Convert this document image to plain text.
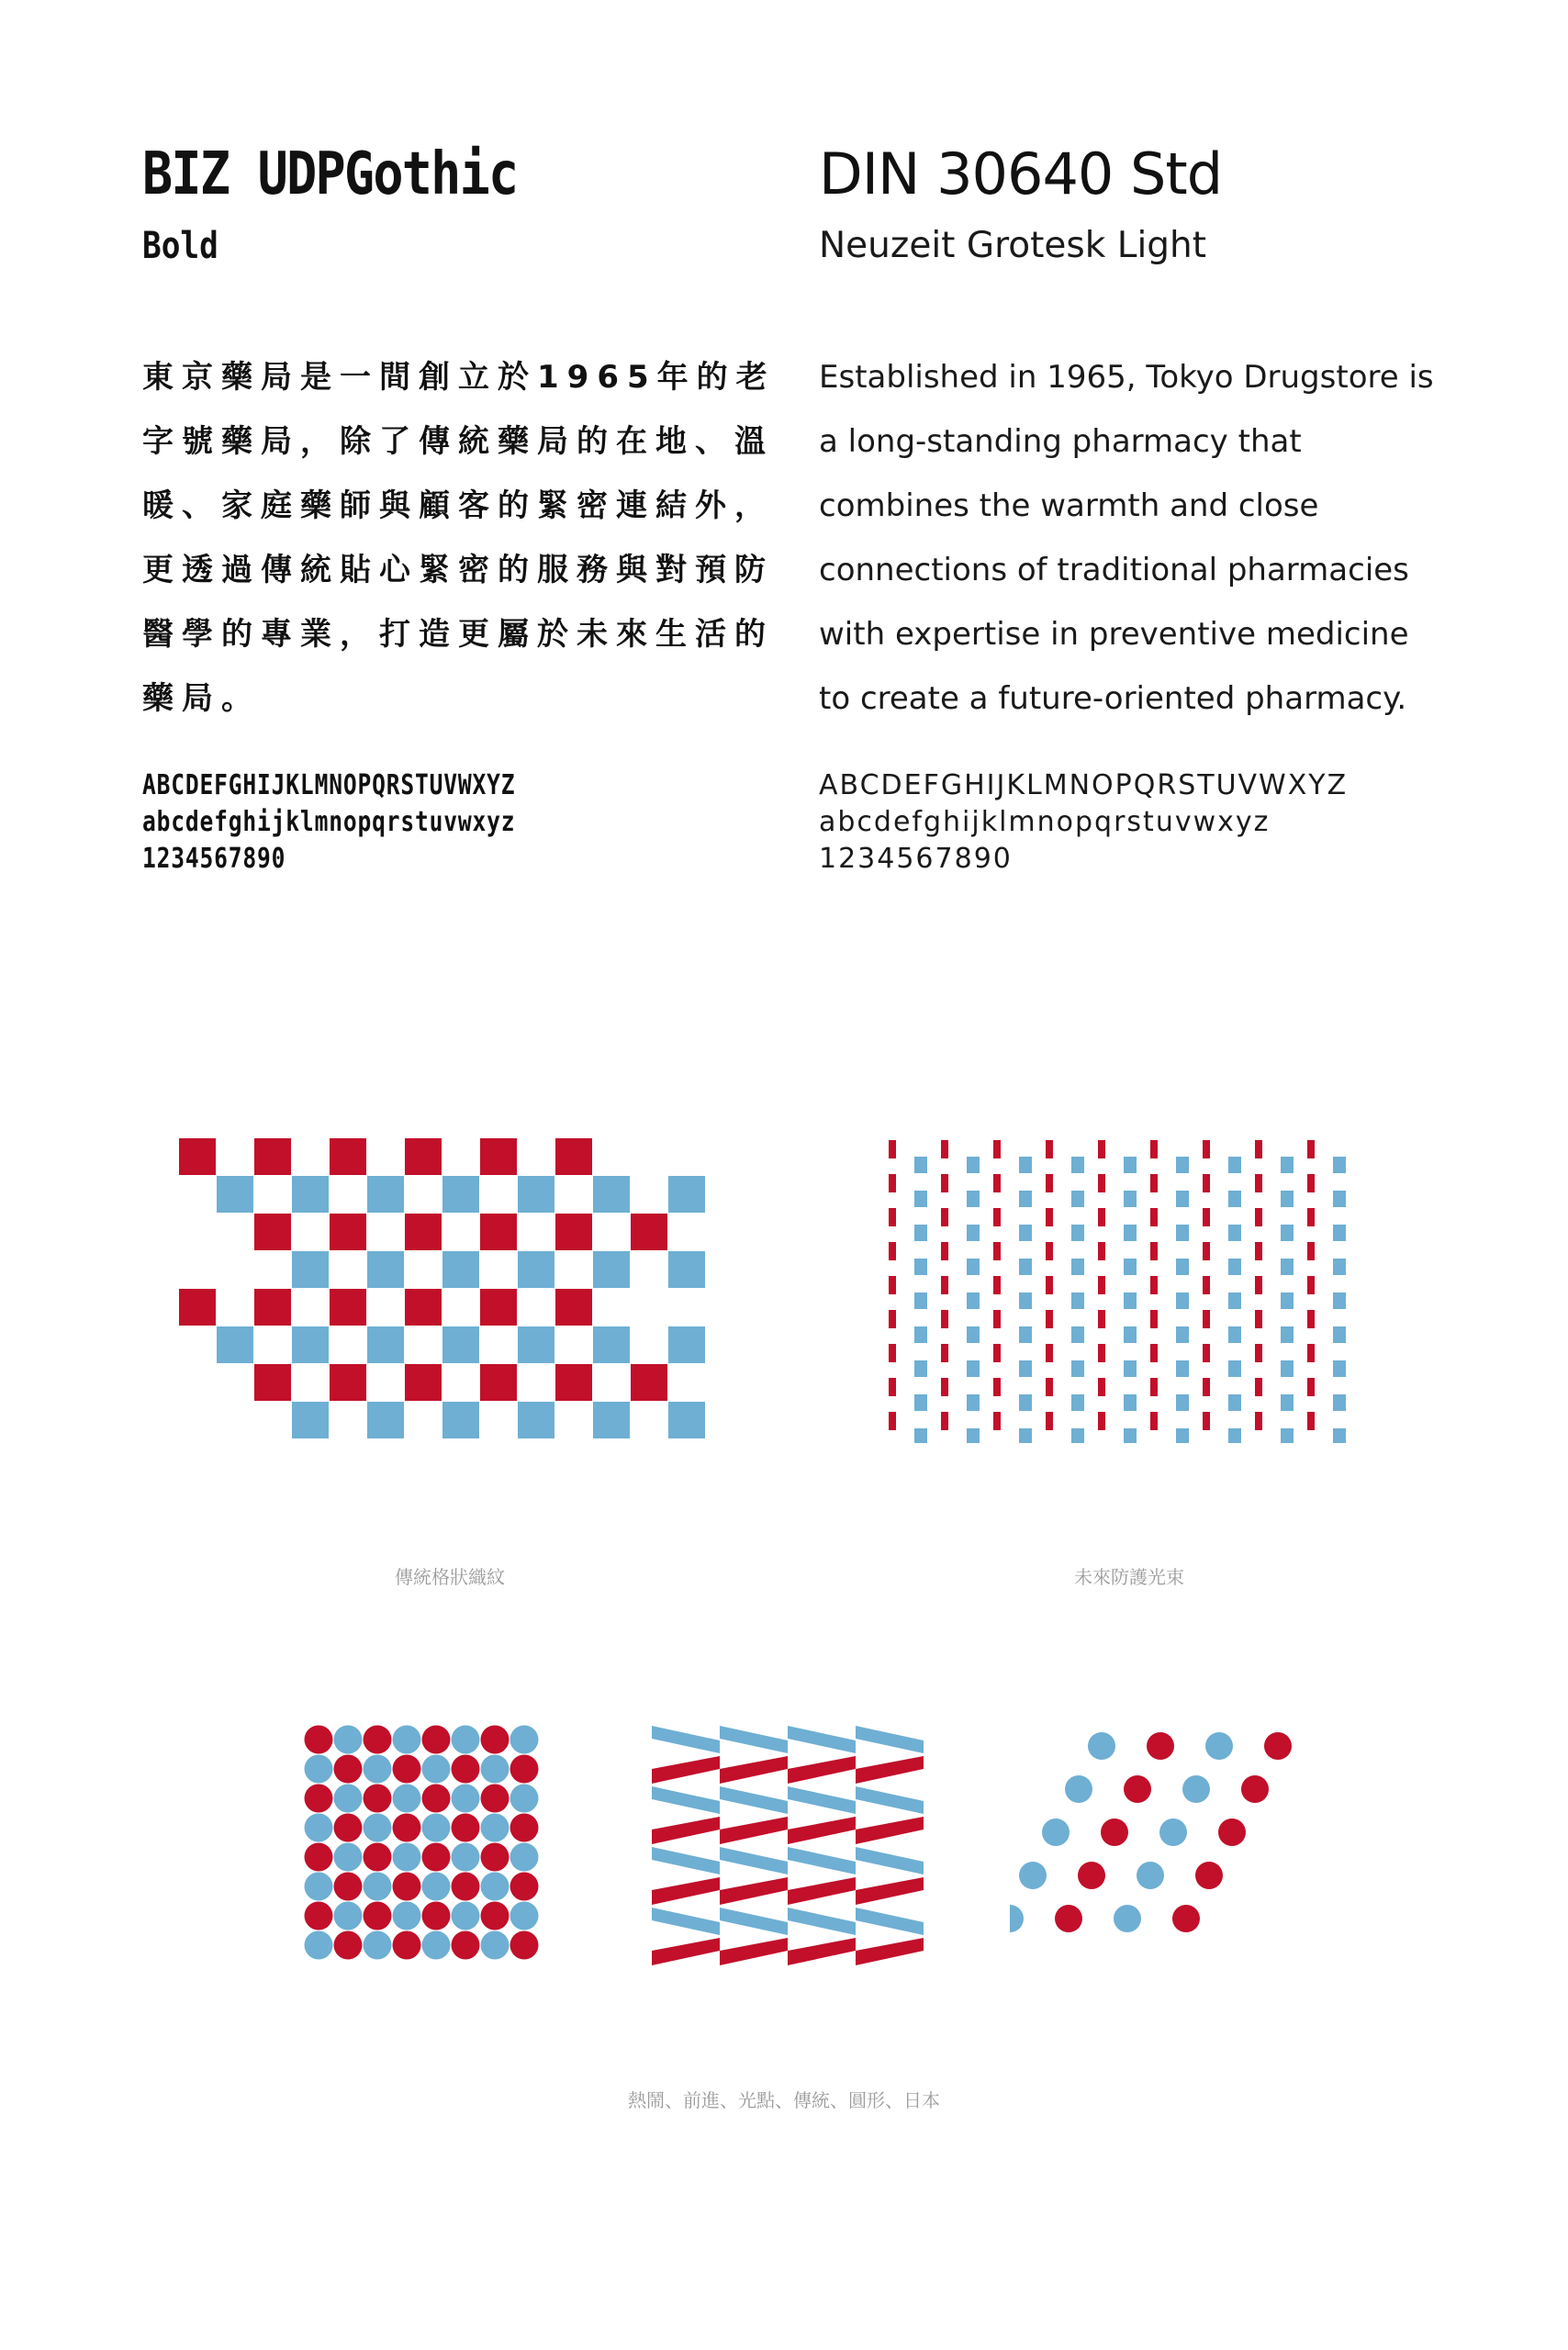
BIZ UDPGothic
Bold
東京藥局是一間創立於1965年的老
字號藥局，除了傳統藥局的在地、溫
暖、家庭藥師與顧客的緊密連結外，
更透過傳統貼心緊密的服務與對預防
醫學的專業，打造更屬於未來生活的
藥局。
ABCDEFGHIJKLMNOPQRSTUVWXYZ
abcdefghijklmnopqrstuvwxyz
1234567890
DIN 30640 Std
Neuzeit Grotesk Light
Established in 1965, Tokyo Drugstore is
a long-standing pharmacy that
combines the warmth and close
connections of traditional pharmacies
with expertise in preventive medicine
to create a future-oriented pharmacy.
ABCDEFGHIJKLMNOPQRSTUVWXYZ
abcdefghijklmnopqrstuvwxyz
1234567890
傳統格狀織紋	未來防護光束
熱鬧、前進、光點、傳統、圓形、日本
